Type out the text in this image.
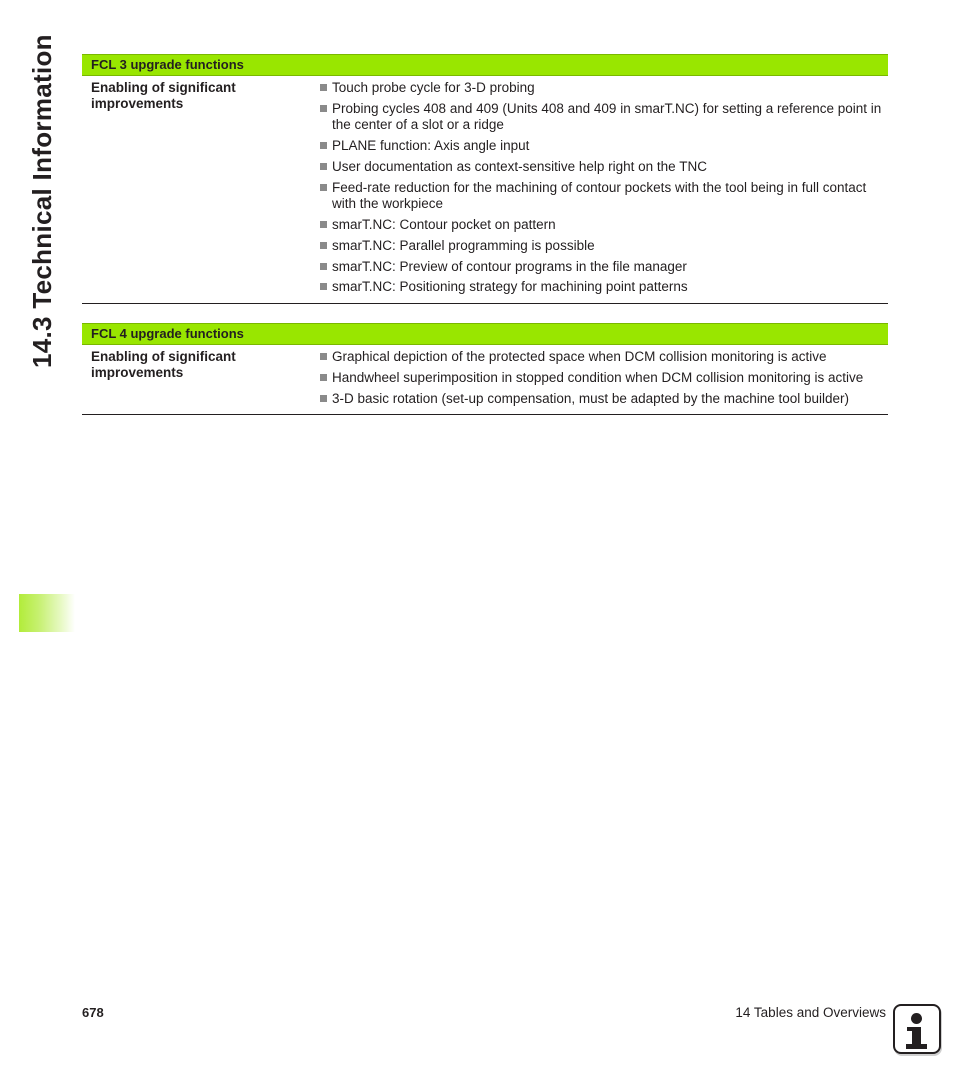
14.3 Technical Information	FCL 3 upgrade functions
Enabling of significant improvements
Touch probe cycle for 3-D probing
Probing cycles 408 and 409 (Units 408 and 409 in smarT.NC) for setting a reference point in the center of a slot or a ridge
PLANE function: Axis angle input
User documentation as context-sensitive help right on the TNC
Feed-rate reduction for the machining of contour pockets with the tool being in full contact with the workpiece
smarT.NC: Contour pocket on pattern
smarT.NC: Parallel programming is possible
smarT.NC: Preview of contour programs in the file manager
smarT.NC: Positioning strategy for machining point patterns
FCL 4 upgrade functions
Enabling of significant improvements
Graphical depiction of the protected space when DCM collision monitoring is active
Handwheel superimposition in stopped condition when DCM collision monitoring is active
3-D basic rotation (set-up compensation, must be adapted by the machine tool builder)
678	14 Tables and Overviews
